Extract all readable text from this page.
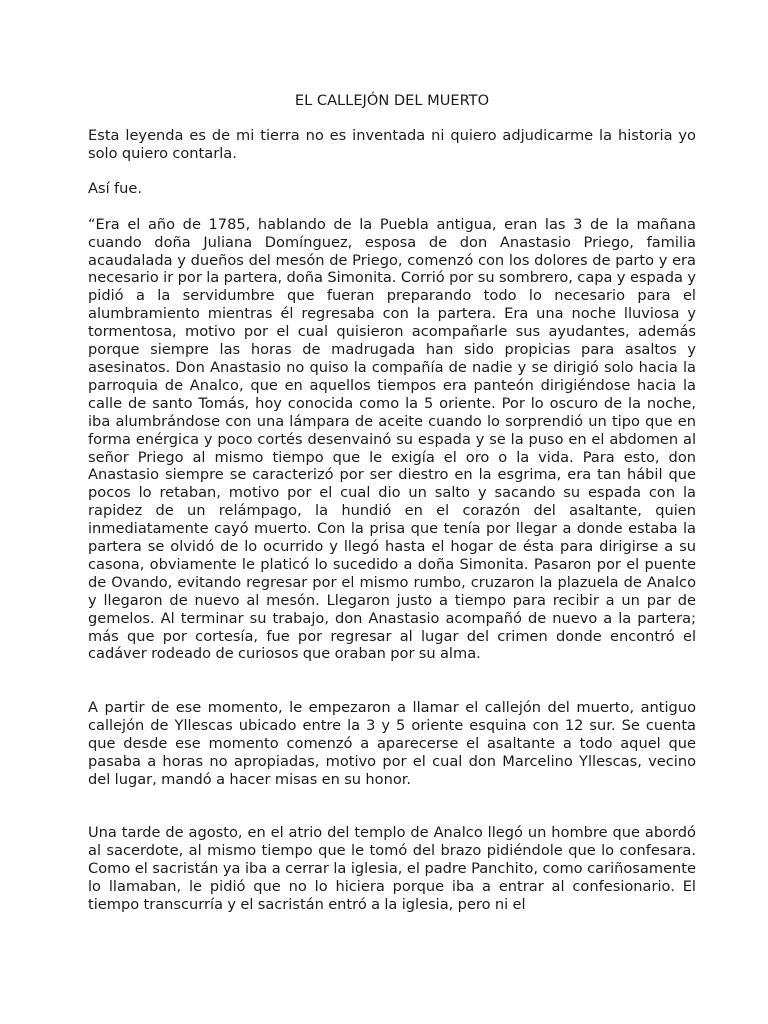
EL CALLEJÓN DEL MUERTO

Esta leyenda es de mi tierra no es inventada ni quiero adjudicarme la historia yo solo quiero contarla.

Así fue.

“Era el año de 1785, hablando de la Puebla antigua, eran las 3 de la mañana cuando doña Juliana Domínguez, esposa de don Anastasio Priego, familia acaudalada y dueños del mesón de Priego, comenzó con los dolores de parto y era necesario ir por la partera, doña Simonita. Corrió por su sombrero, capa y espada y pidió a la servidumbre que fueran preparando todo lo necesario para el alumbramiento mientras él regresaba con la partera. Era una noche lluviosa y tormentosa, motivo por el cual quisieron acompañarle sus ayudantes, además porque siempre las horas de madrugada han sido propicias para asaltos y asesinatos. Don Anastasio no quiso la compañía de nadie y se dirigió solo hacia la parroquia de Analco, que en aquellos tiempos era panteón dirigiéndose hacia la calle de santo Tomás, hoy conocida como la 5 oriente. Por lo oscuro de la noche, iba alumbrándose con una lámpara de aceite cuando lo sorprendió un tipo que en forma enérgica y poco cortés desenvainó su espada y se la puso en el abdomen al señor Priego al mismo tiempo que le exigía el oro o la vida. Para esto, don Anastasio siempre se caracterizó por ser diestro en la esgrima, era tan hábil que pocos lo retaban, motivo por el cual dio un salto y sacando su espada con la rapidez de un relámpago, la hundió en el corazón del asaltante, quien inmediatamente cayó muerto. Con la prisa que tenía por llegar a donde estaba la partera se olvidó de lo ocurrido y llegó hasta el hogar de ésta para dirigirse a su casona, obviamente le platicó lo sucedido a doña Simonita. Pasaron por el puente de Ovando, evitando regresar por el mismo rumbo, cruzaron la plazuela de Analco y llegaron de nuevo al mesón. Llegaron justo a tiempo para recibir a un par de gemelos. Al terminar su trabajo, don Anastasio acompañó de nuevo a la partera; más que por cortesía, fue por regresar al lugar del crimen donde encontró el cadáver rodeado de curiosos que oraban por su alma.

A partir de ese momento, le empezaron a llamar el callejón del muerto, antiguo callejón de Yllescas ubicado entre la 3 y 5 oriente esquina con 12 sur. Se cuenta que desde ese momento comenzó a aparecerse el asaltante a todo aquel que pasaba a horas no apropiadas, motivo por el cual don Marcelino Yllescas, vecino del lugar, mandó a hacer misas en su honor.

Una tarde de agosto, en el atrio del templo de Analco llegó un hombre que abordó al sacerdote, al mismo tiempo que le tomó del brazo pidiéndole que lo confesara. Como el sacristán ya iba a cerrar la iglesia, el padre Panchito, como cariñosamente lo llamaban, le pidió que no lo hiciera porque iba a entrar al confesionario. El tiempo transcurría y el sacristán entró a la iglesia, pero ni el
